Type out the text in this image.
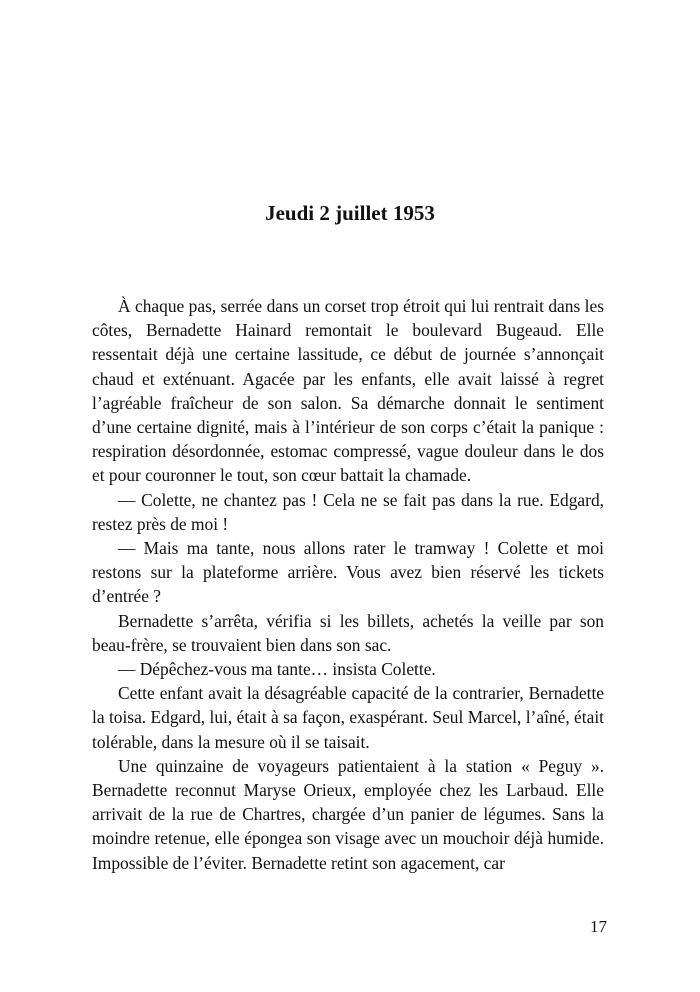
Jeudi 2 juillet 1953

À chaque pas, serrée dans un corset trop étroit qui lui rentrait dans les côtes, Bernadette Hainard remontait le boulevard Bugeaud. Elle ressentait déjà une certaine lassitude, ce début de journée s’annonçait chaud et exténuant. Agacée par les enfants, elle avait laissé à regret l’agréable fraîcheur de son salon. Sa démarche donnait le sentiment d’une certaine dignité, mais à l’intérieur de son corps c’était la panique : respiration désordonnée, estomac compressé, vague douleur dans le dos et pour couronner le tout, son cœur battait la chamade.

— Colette, ne chantez pas ! Cela ne se fait pas dans la rue. Edgard, restez près de moi !

— Mais ma tante, nous allons rater le tramway ! Colette et moi restons sur la plateforme arrière. Vous avez bien réservé les tickets d’entrée ?

Bernadette s’arrêta, vérifia si les billets, achetés la veille par son beau-frère, se trouvaient bien dans son sac.

— Dépêchez-vous ma tante… insista Colette.

Cette enfant avait la désagréable capacité de la contrarier, Bernadette la toisa. Edgard, lui, était à sa façon, exaspérant. Seul Marcel, l’aîné, était tolérable, dans la mesure où il se taisait.

Une quinzaine de voyageurs patientaient à la station « Peguy ». Bernadette reconnut Maryse Orieux, employée chez les Larbaud. Elle arrivait de la rue de Chartres, chargée d’un panier de légumes. Sans la moindre retenue, elle épongea son visage avec un mouchoir déjà humide. Impossible de l’éviter. Bernadette retint son agacement, car

17
